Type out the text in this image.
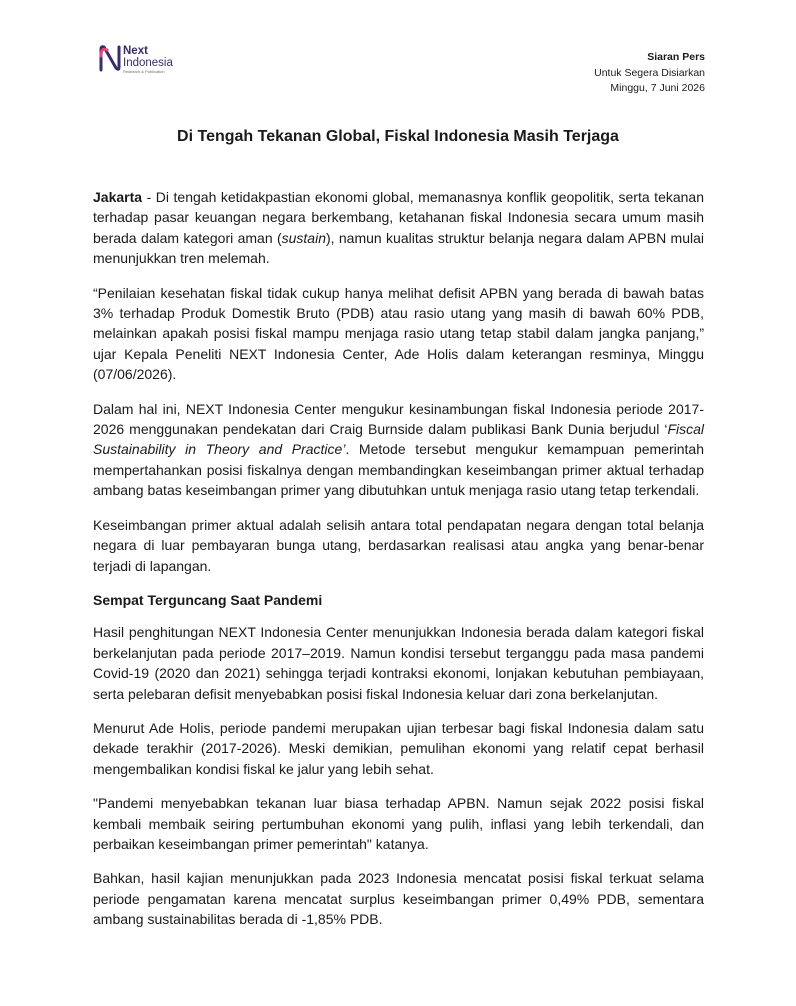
Next
Indonesia
Research & Publication
Siaran Pers
Untuk Segera Disiarkan
Minggu, 7 Juni 2026
Di Tengah Tekanan Global, Fiskal Indonesia Masih Terjaga

Jakarta - Di tengah ketidakpastian ekonomi global, memanasnya konflik geopolitik, serta tekanan terhadap pasar keuangan negara berkembang, ketahanan fiskal Indonesia secara umum masih berada dalam kategori aman (sustain), namun kualitas struktur belanja negara dalam APBN mulai menunjukkan tren melemah.

“Penilaian kesehatan fiskal tidak cukup hanya melihat defisit APBN yang berada di bawah batas 3% terhadap Produk Domestik Bruto (PDB) atau rasio utang yang masih di bawah 60% PDB, melainkan apakah posisi fiskal mampu menjaga rasio utang tetap stabil dalam jangka panjang,” ujar Kepala Peneliti NEXT Indonesia Center, Ade Holis dalam keterangan resminya, Minggu (07/06/2026).

Dalam hal ini, NEXT Indonesia Center mengukur kesinambungan fiskal Indonesia periode 2017-2026 menggunakan pendekatan dari Craig Burnside dalam publikasi Bank Dunia berjudul ‘Fiscal Sustainability in Theory and Practice’. Metode tersebut mengukur kemampuan pemerintah mempertahankan posisi fiskalnya dengan membandingkan keseimbangan primer aktual terhadap ambang batas keseimbangan primer yang dibutuhkan untuk menjaga rasio utang tetap terkendali.

Keseimbangan primer aktual adalah selisih antara total pendapatan negara dengan total belanja negara di luar pembayaran bunga utang, berdasarkan realisasi atau angka yang benar-benar terjadi di lapangan.

Sempat Terguncang Saat Pandemi

Hasil penghitungan NEXT Indonesia Center menunjukkan Indonesia berada dalam kategori fiskal berkelanjutan pada periode 2017–2019. Namun kondisi tersebut terganggu pada masa pandemi Covid-19 (2020 dan 2021) sehingga terjadi kontraksi ekonomi, lonjakan kebutuhan pembiayaan, serta pelebaran defisit menyebabkan posisi fiskal Indonesia keluar dari zona berkelanjutan.

Menurut Ade Holis, periode pandemi merupakan ujian terbesar bagi fiskal Indonesia dalam satu dekade terakhir (2017-2026). Meski demikian, pemulihan ekonomi yang relatif cepat berhasil mengembalikan kondisi fiskal ke jalur yang lebih sehat.

"Pandemi menyebabkan tekanan luar biasa terhadap APBN. Namun sejak 2022 posisi fiskal kembali membaik seiring pertumbuhan ekonomi yang pulih, inflasi yang lebih terkendali, dan perbaikan keseimbangan primer pemerintah" katanya.

Bahkan, hasil kajian menunjukkan pada 2023 Indonesia mencatat posisi fiskal terkuat selama periode pengamatan karena mencatat surplus keseimbangan primer 0,49% PDB, sementara ambang sustainabilitas berada di -1,85% PDB.
